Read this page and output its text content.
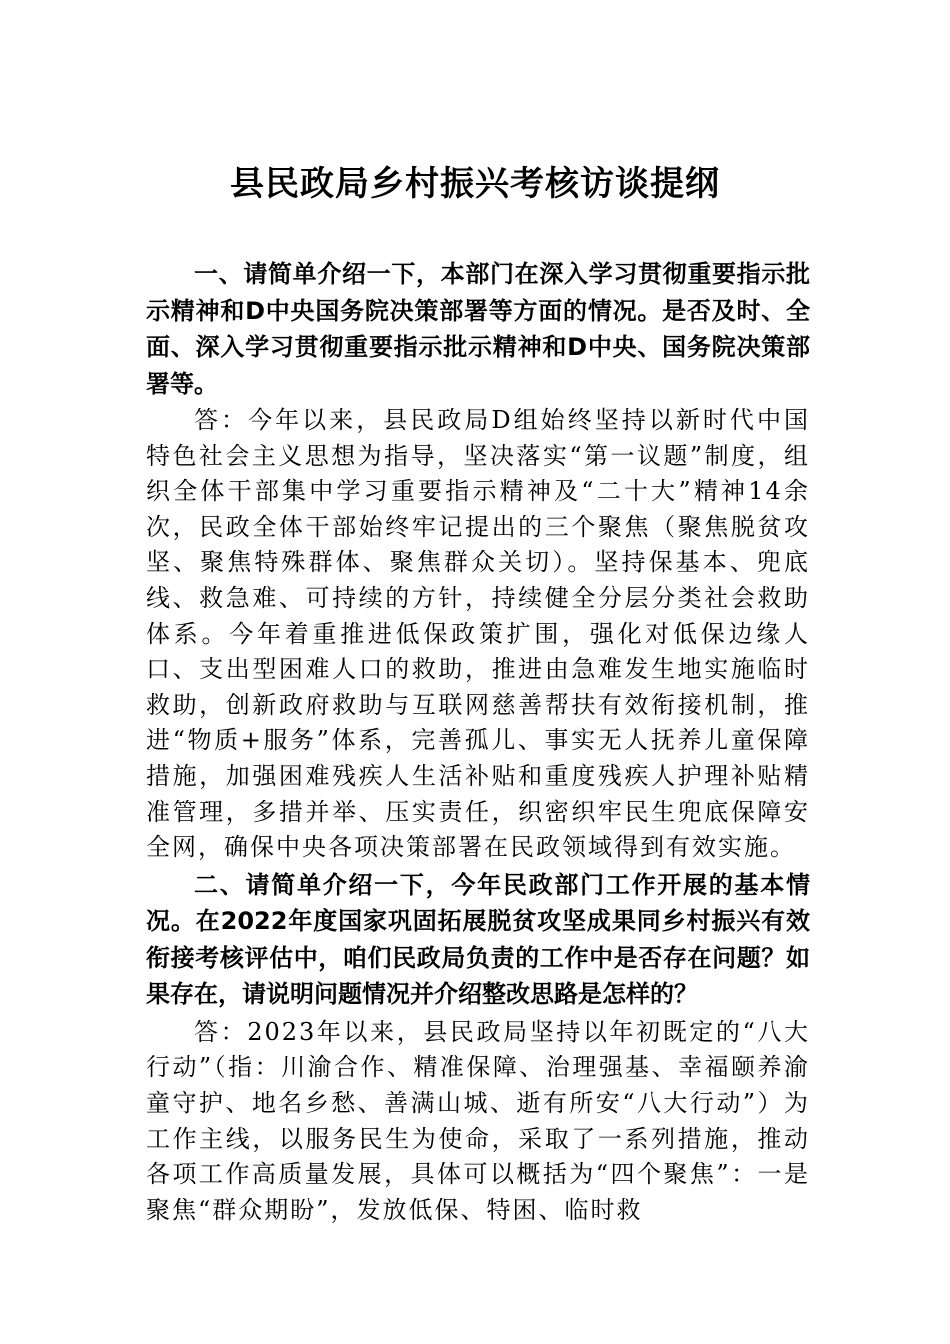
县民政局乡村振兴考核访谈提纲

一、请简单介绍一下，本部门在深入学习贯彻重要指示批示精神和D中央国务院决策部署等方面的情况。是否及时、全面、深入学习贯彻重要指示批示精神和D中央、国务院决策部署等。

答：今年以来，县民政局D组始终坚持以新时代中国特色社会主义思想为指导，坚决落实“第一议题”制度，组织全体干部集中学习重要指示精神及“二十大”精神14余次，民政全体干部始终牢记提出的三个聚焦（聚焦脱贫攻坚、聚焦特殊群体、聚焦群众关切）。坚持保基本、兜底线、救急难、可持续的方针，持续健全分层分类社会救助体系。今年着重推进低保政策扩围，强化对低保边缘人口、支出型困难人口的救助，推进由急难发生地实施临时救助，创新政府救助与互联网慈善帮扶有效衔接机制，推进“物质+服务”体系，完善孤儿、事实无人抚养儿童保障措施，加强困难残疾人生活补贴和重度残疾人护理补贴精准管理，多措并举、压实责任，织密织牢民生兜底保障安全网，确保中央各项决策部署在民政领域得到有效实施。

二、请简单介绍一下，今年民政部门工作开展的基本情况。在2022年度国家巩固拓展脱贫攻坚成果同乡村振兴有效衔接考核评估中，咱们民政局负责的工作中是否存在问题？如果存在，请说明问题情况并介绍整改思路是怎样的？

答：2023年以来，县民政局坚持以年初既定的“八大行动”（指：川渝合作、精准保障、治理强基、幸福颐养渝童守护、地名乡愁、善满山城、逝有所安“八大行动”）为工作主线，以服务民生为使命，采取了一系列措施，推动各项工作高质量发展，具体可以概括为“四个聚焦”：一是聚焦“群众期盼”，发放低保、特困、临时救
